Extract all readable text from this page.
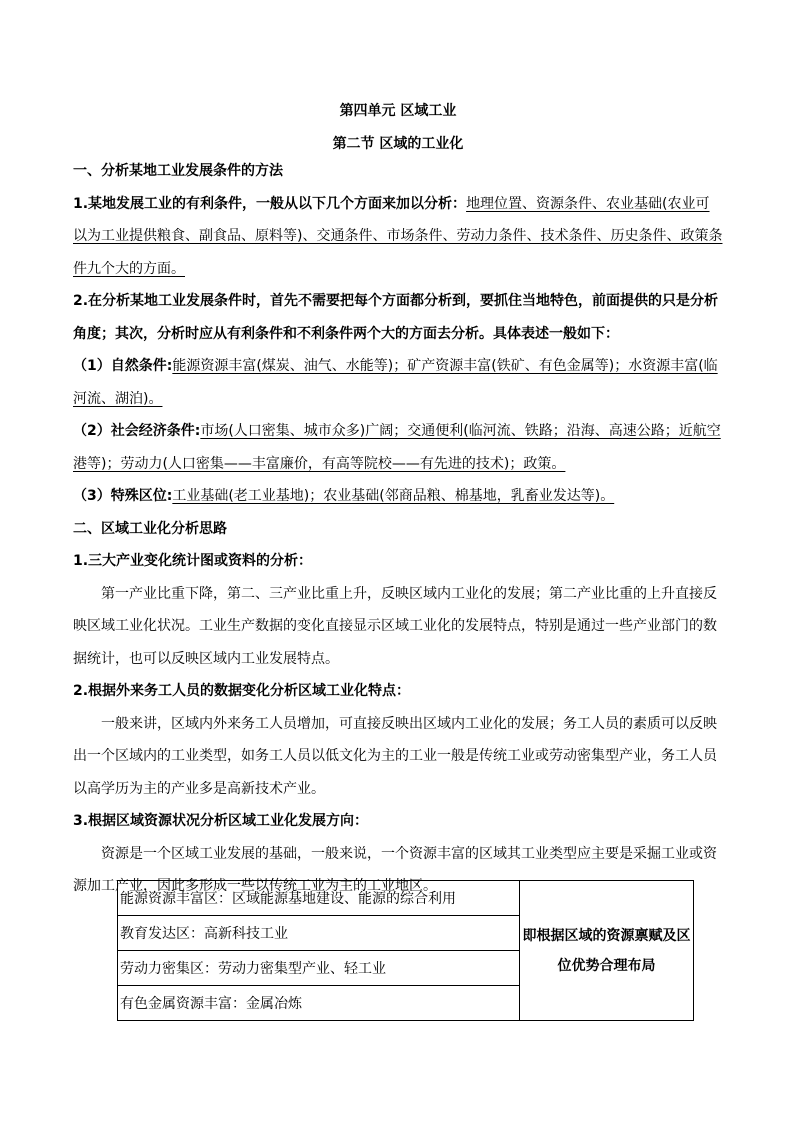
第四单元 区域工业
第二节 区域的工业化
一、分析某地工业发展条件的方法
1.某地发展工业的有利条件，一般从以下几个方面来加以分析：地理位置、资源条件、农业基础(农业可以为工业提供粮食、副食品、原料等)、交通条件、市场条件、劳动力条件、技术条件、历史条件、政策条件九个大的方面。
2.在分析某地工业发展条件时，首先不需要把每个方面都分析到，要抓住当地特色，前面提供的只是分析角度；其次，分析时应从有利条件和不利条件两个大的方面去分析。具体表述一般如下：
（1）自然条件:能源资源丰富(煤炭、油气、水能等)；矿产资源丰富(铁矿、有色金属等)；水资源丰富(临河流、湖泊)。
（2）社会经济条件:市场(人口密集、城市众多)广阔；交通便利(临河流、铁路；沿海、高速公路；近航空港等)；劳动力(人口密集——丰富廉价，有高等院校——有先进的技术)；政策。
（3）特殊区位:工业基础(老工业基地)；农业基础(邻商品粮、棉基地，乳畜业发达等)。
二、区域工业化分析思路
1.三大产业变化统计图或资料的分析：
第一产业比重下降，第二、三产业比重上升，反映区域内工业化的发展；第二产业比重的上升直接反映区域工业化状况。工业生产数据的变化直接显示区域工业化的发展特点，特别是通过一些产业部门的数据统计，也可以反映区域内工业发展特点。
2.根据外来务工人员的数据变化分析区域工业化特点：
一般来讲，区域内外来务工人员增加，可直接反映出区域内工业化的发展；务工人员的素质可以反映出一个区域内的工业类型，如务工人员以低文化为主的工业一般是传统工业或劳动密集型产业，务工人员以高学历为主的产业多是高新技术产业。
3.根据区域资源状况分析区域工业化发展方向：
资源是一个区域工业发展的基础，一般来说，一个资源丰富的区域其工业类型应主要是采掘工业或资源加工产业，因此多形成一些以传统工业为主的工业地区。
能源资源丰富区：区域能源基地建设、能源的综合利用	即根据区域的资源禀赋及区位优势合理布局
教育发达区：高新科技工业
劳动力密集区：劳动力密集型产业、轻工业
有色金属资源丰富：金属冶炼
